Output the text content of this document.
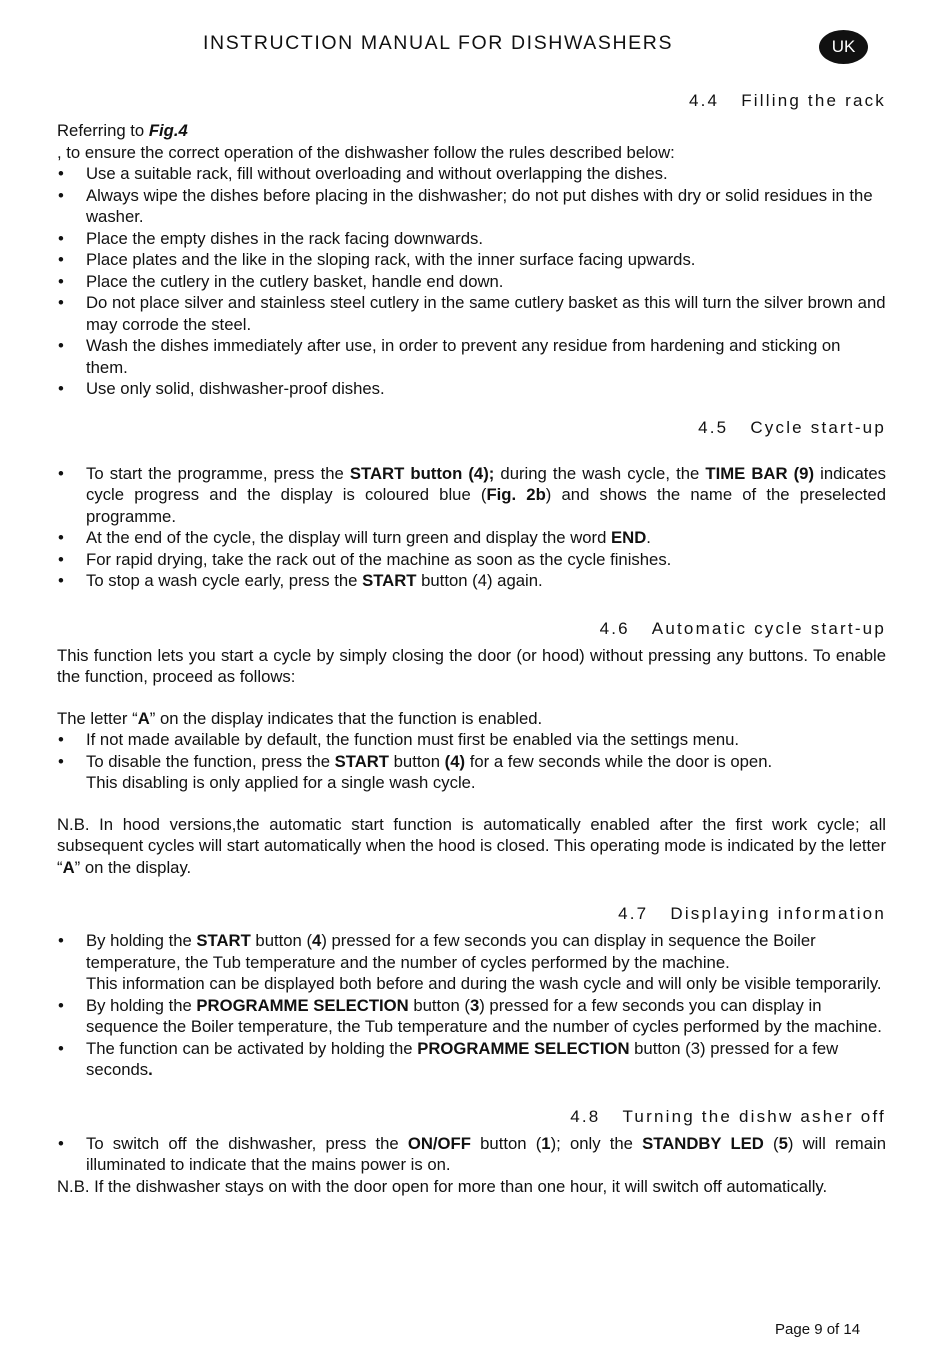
INSTRUCTION MANUAL FOR DISHWASHERS	UK
4.4 Filling the rack

Referring to Fig.4

, to ensure the correct operation of the dishwasher follow the rules described below:

• Use a suitable rack, fill without overloading and without overlapping the dishes.
• Always wipe the dishes before placing in the dishwasher; do not put dishes with dry or solid residues in the washer.
• Place the empty dishes in the rack facing downwards.
• Place plates and the like in the sloping rack, with the inner surface facing upwards.
• Place the cutlery in the cutlery basket, handle end down.
• Do not place silver and stainless steel cutlery in the same cutlery basket as this will turn the silver brown and may corrode the steel.
• Wash the dishes immediately after use, in order to prevent any residue from hardening and sticking on them.
• Use only solid, dishwasher-proof dishes.
4.5 Cycle start-up
• To start the programme, press the START button (4); during the wash cycle, the TIME BAR (9) indicates cycle progress and the display is coloured blue (Fig. 2b) and shows the name of the preselected programme.
• At the end of the cycle, the display will turn green and display the word END.
• For rapid drying, take the rack out of the machine as soon as the cycle finishes.
• To stop a wash cycle early, press the START button (4) again.
4.6 Automatic cycle start-up

This function lets you start a cycle by simply closing the door (or hood) without pressing any buttons. To enable the function, proceed as follows:

The letter “A” on the display indicates that the function is enabled.

• If not made available by default, the function must first be enabled via the settings menu.
• To disable the function, press the START button (4) for a few seconds while the door is open.
This disabling is only applied for a single wash cycle.

N.B. In hood versions,the automatic start function is automatically enabled after the first work cycle; all subsequent cycles will start automatically when the hood is closed. This operating mode is indicated by the letter “A” on the display.

4.7 Displaying information
• By holding the START button (4) pressed for a few seconds you can display in sequence the Boiler temperature, the Tub temperature and the number of cycles performed by the machine.
This information can be displayed both before and during the wash cycle and will only be visible temporarily.
• By holding the PROGRAMME SELECTION button (3) pressed for a few seconds you can display in sequence the Boiler temperature, the Tub temperature and the number of cycles performed by the machine.
• The function can be activated by holding the PROGRAMME SELECTION button (3) pressed for a few seconds.
4.8 Turning the dishw asher off
• To switch off the dishwasher, press the ON/OFF button (1); only the STANDBY LED (5) will remain illuminated to indicate that the mains power is on.

N.B. If the dishwasher stays on with the door open for more than one hour, it will switch off automatically.

Page 9 of 14
